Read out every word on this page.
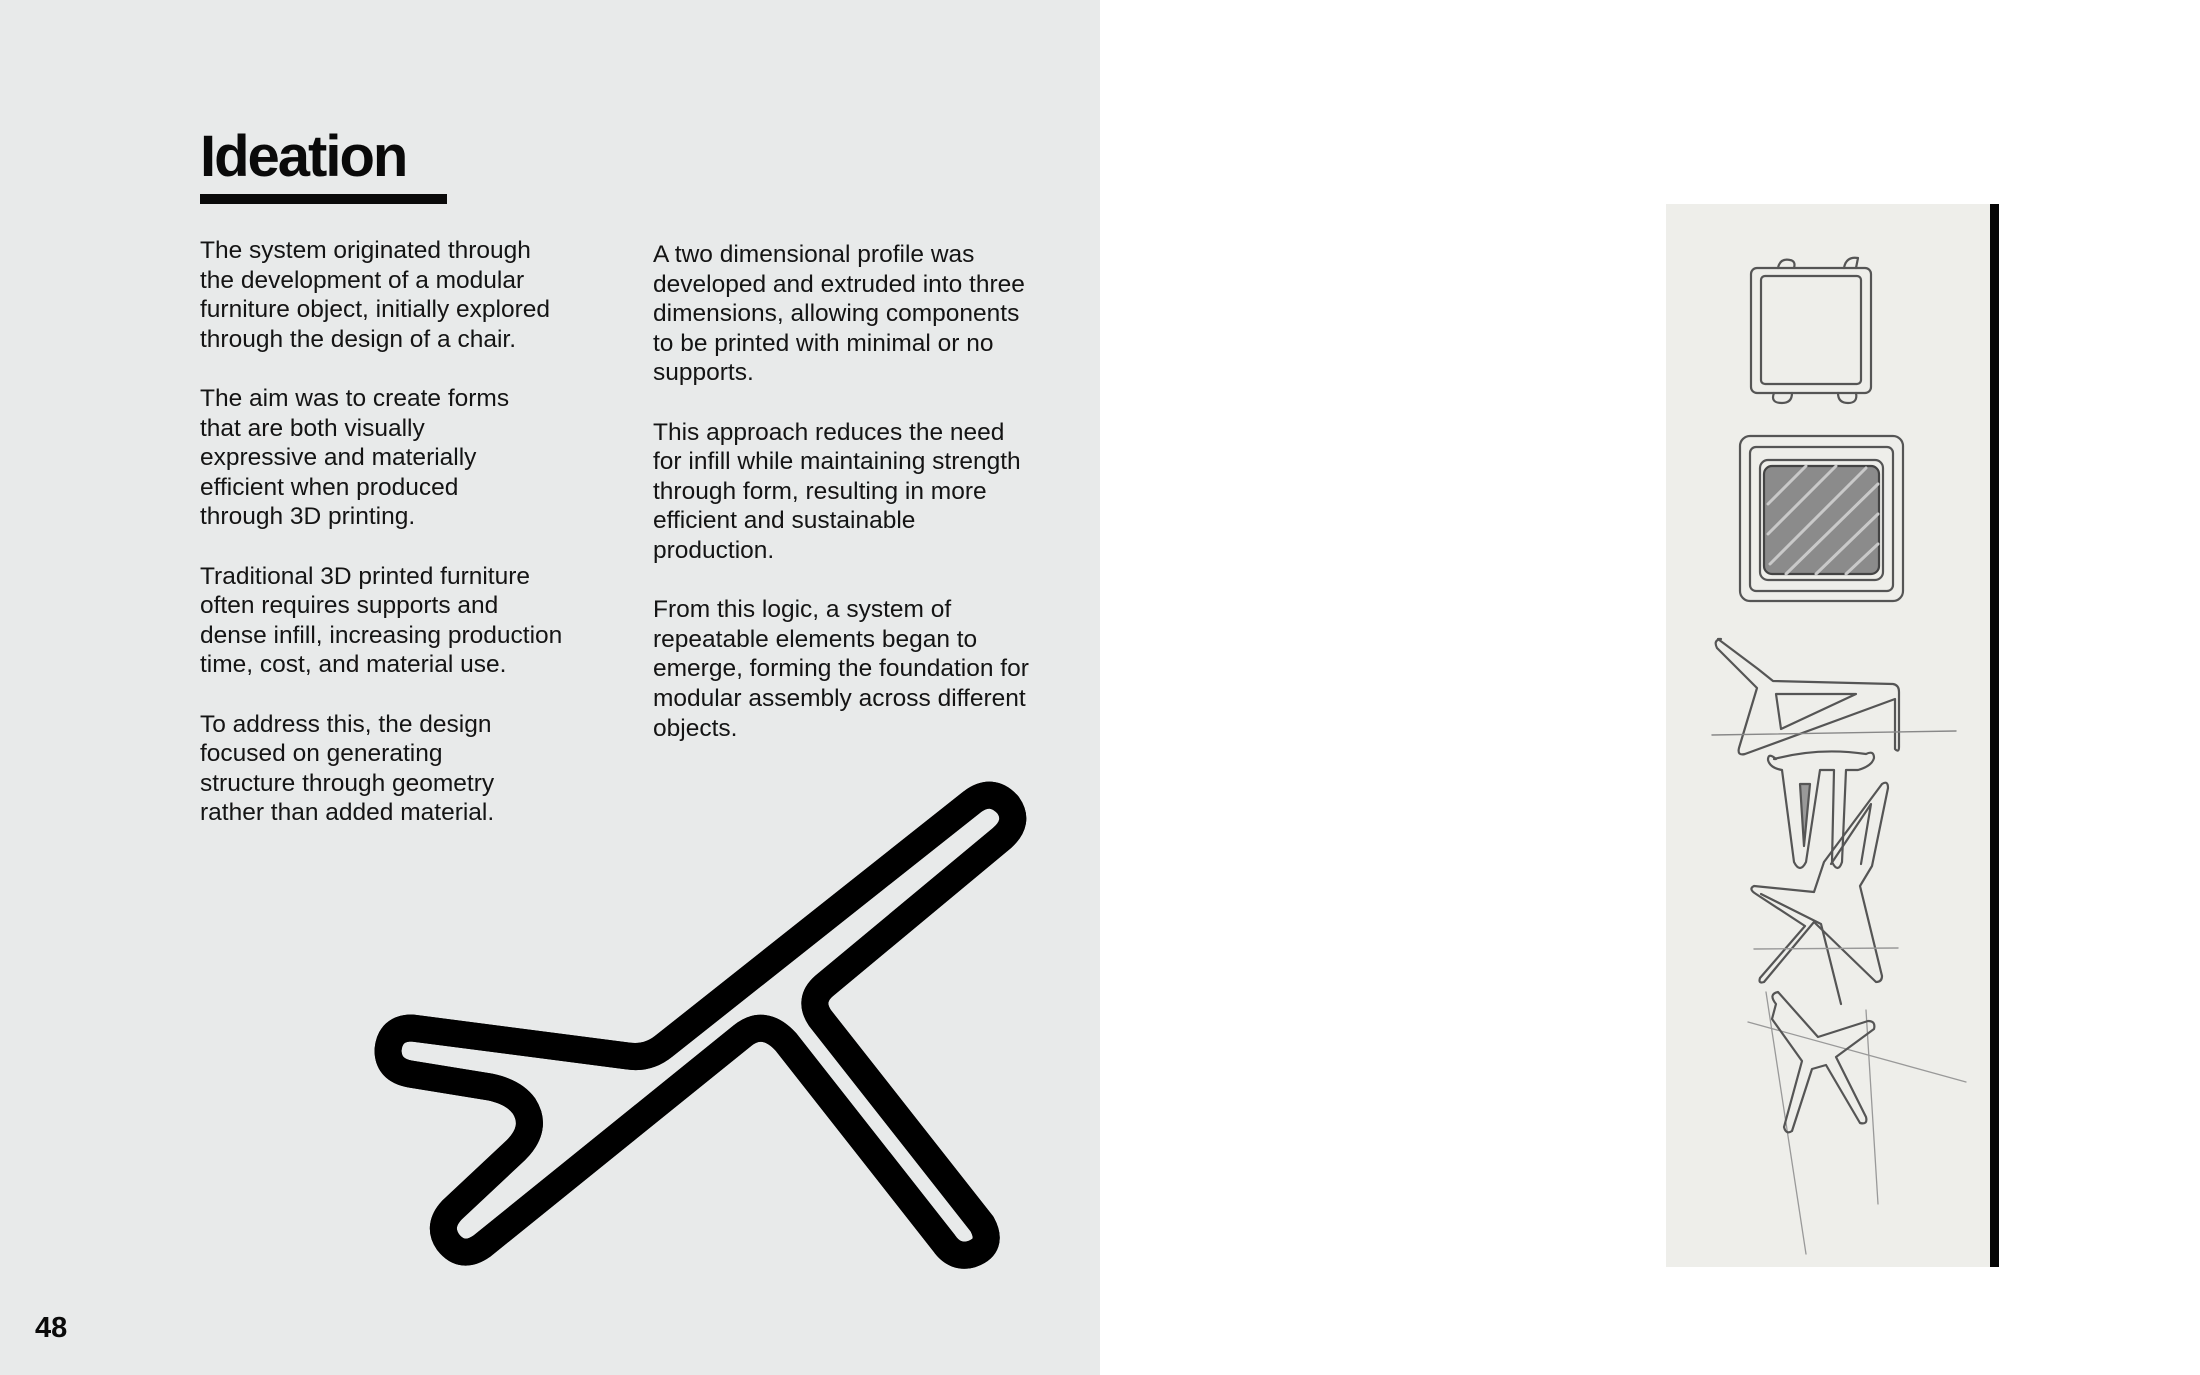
Ideation

The system originated through the development of a modular furniture object, initially explored through the design of a chair.

The aim was to create forms that are both visually expressive and materially efficient when produced through 3D printing.

Traditional 3D printed furniture often requires supports and dense infill, increasing production time, cost, and material use.

To address this, the design focused on generating structure through geometry rather than added material.

A two dimensional profile was developed and extruded into three dimensions, allowing components to be printed with minimal or no supports.

This approach reduces the need for infill while maintaining strength through form, resulting in more efficient and sustainable production.

From this logic, a system of repeatable elements began to emerge, forming the foundation for modular assembly across different objects.

48
